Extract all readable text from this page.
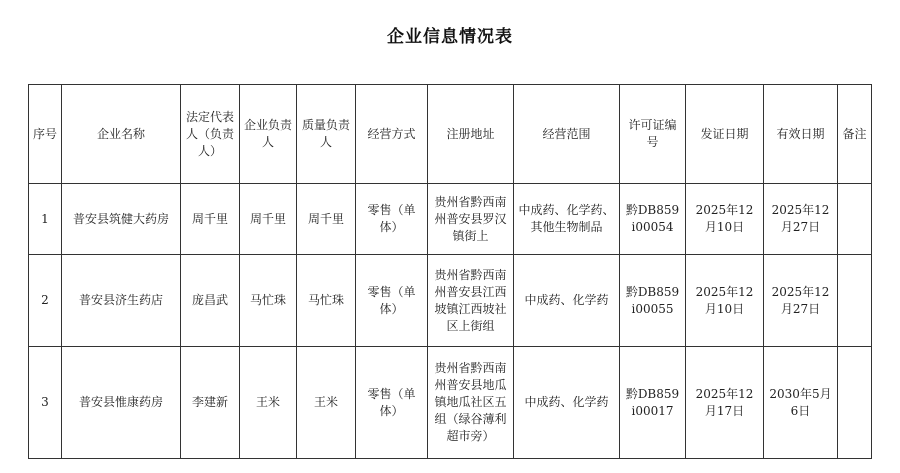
企业信息情况表
序号	企业名称	法定代表人（负责人）	企业负责人	质量负责人	经营方式	注册地址	经营范围	许可证编号	发证日期	有效日期	备注
1	普安县筑健大药房	周千里	周千里	周千里	零售（单体）	贵州省黔西南州普安县罗汉镇街上	中成药、化学药、其他生物制品	黔DB859i00054	2025年12月10日	2025年12月27日	
2	普安县济生药店	庞昌武	马忙珠	马忙珠	零售（单体）	贵州省黔西南州普安县江西坡镇江西坡社区上街组	中成药、化学药	黔DB859i00055	2025年12月10日	2025年12月27日	
3	普安县惟康药房	李建新	王米	王米	零售（单体）	贵州省黔西南州普安县地瓜镇地瓜社区五组（绿谷薄利超市旁）	中成药、化学药	黔DB859i00017	2025年12月17日	2030年5月6日	
